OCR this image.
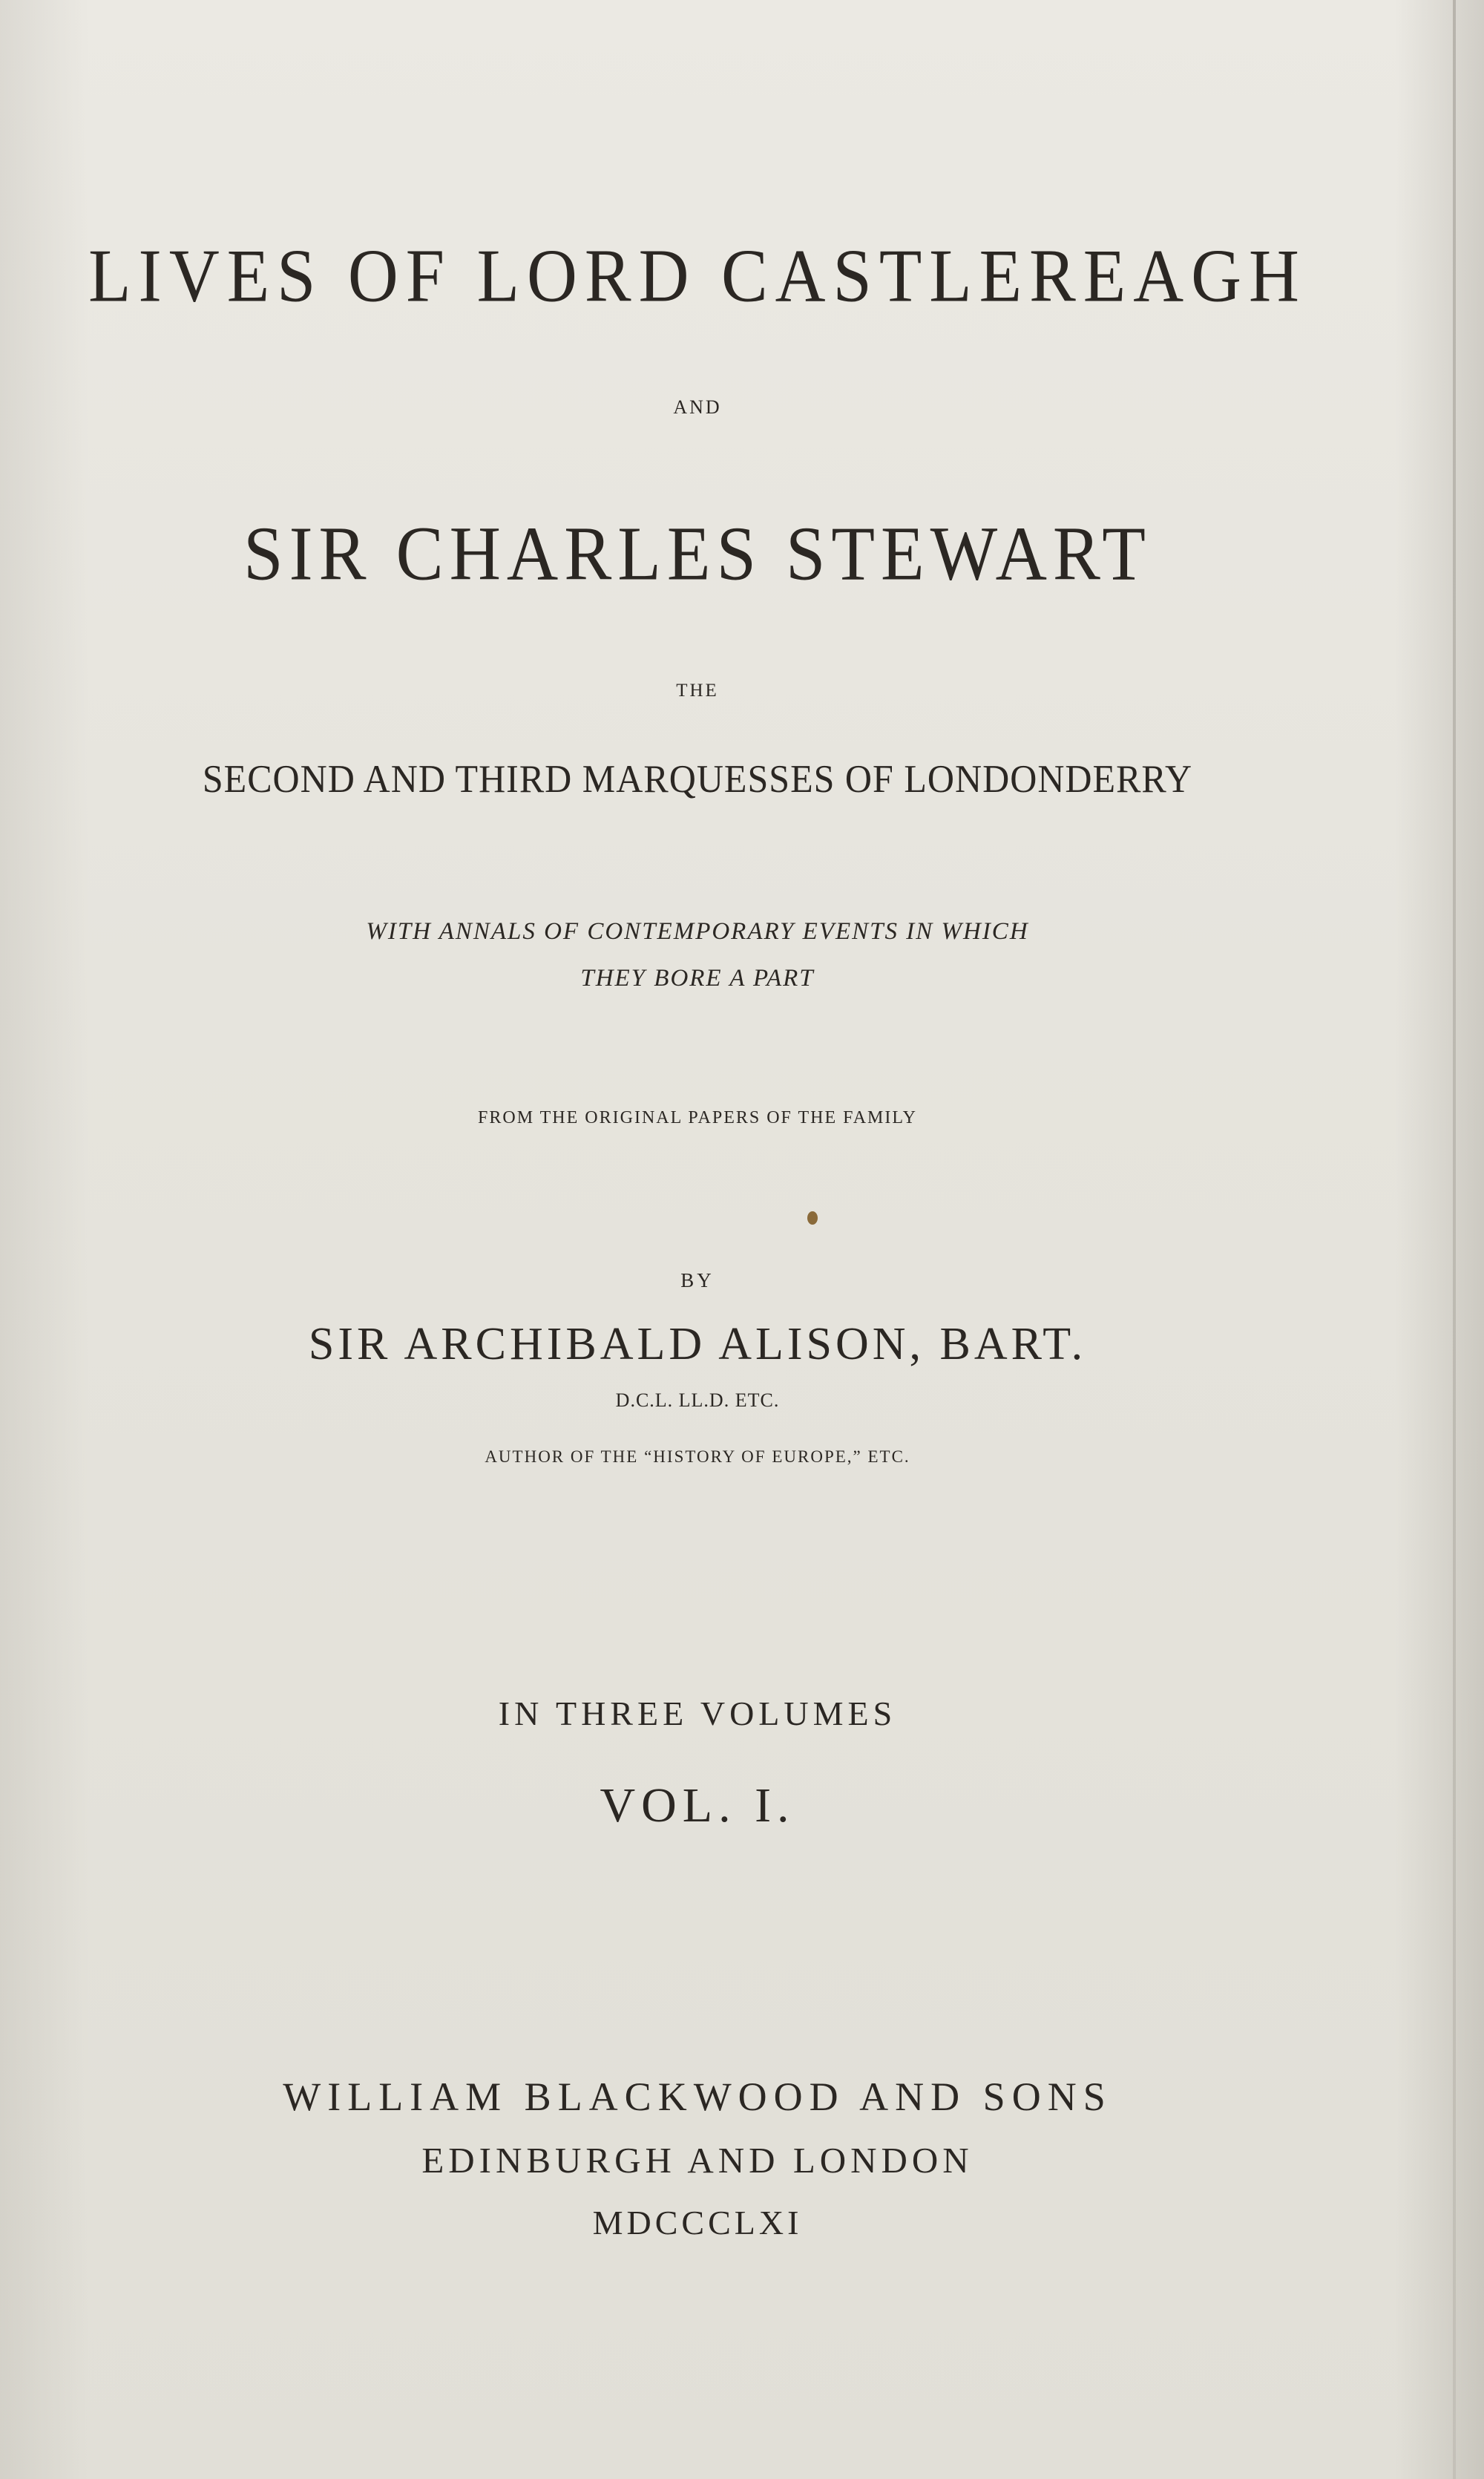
LIVES OF LORD CASTLEREAGH
AND
SIR CHARLES STEWART
THE
SECOND AND THIRD MARQUESSES OF LONDONDERRY
WITH ANNALS OF CONTEMPORARY EVENTS IN WHICH
THEY BORE A PART
FROM THE ORIGINAL PAPERS OF THE FAMILY
BY
SIR ARCHIBALD ALISON, BART.
D.C.L. LL.D. ETC.
AUTHOR OF THE “HISTORY OF EUROPE,” ETC.
IN THREE VOLUMES
VOL. I.
WILLIAM BLACKWOOD AND SONS
EDINBURGH AND LONDON
MDCCCLXI
